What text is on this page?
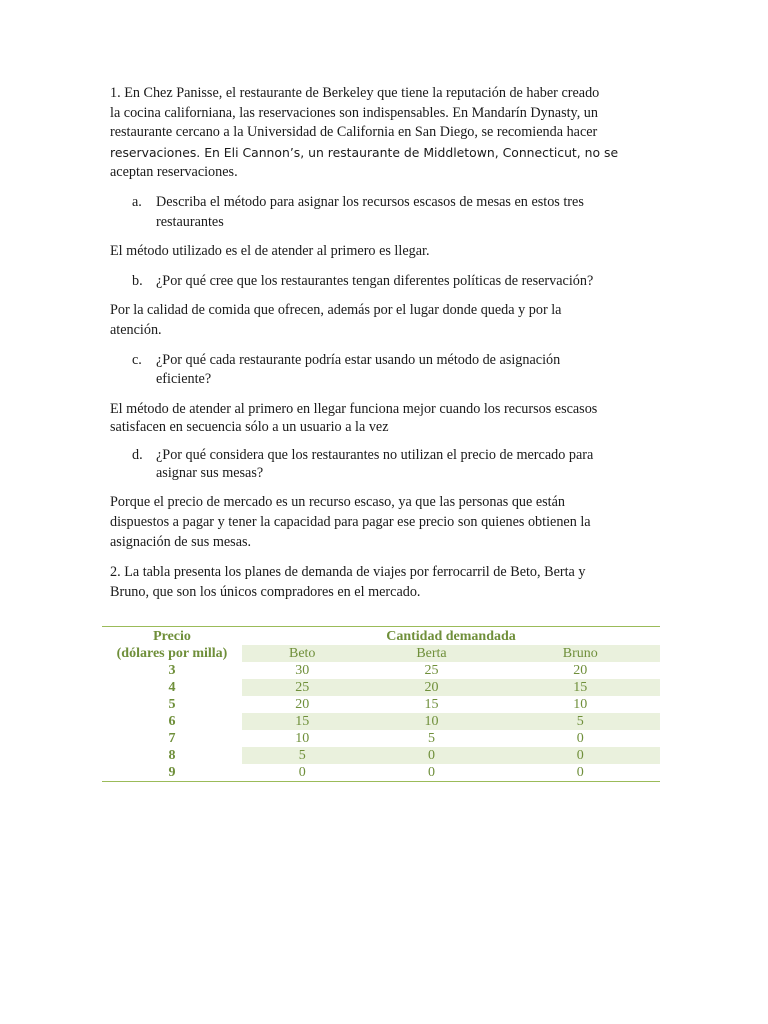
1. En Chez Panisse, el restaurante de Berkeley que tiene la reputación de haber creado
la cocina californiana, las reservaciones son indispensables. En Mandarín Dynasty, un
restaurante cercano a la Universidad de California en San Diego, se recomienda hacer
reservaciones. En Eli Cannon’s, un restaurante de Middletown, Connecticut, no se
aceptan reservaciones.

a. Describa el método para asignar los recursos escasos de mesas en estos tres
restaurantes

El método utilizado es el de atender al primero es llegar.

b. ¿Por qué cree que los restaurantes tengan diferentes políticas de reservación?

Por la calidad de comida que ofrecen, además por el lugar donde queda y por la
atención.

c. ¿Por qué cada restaurante podría estar usando un método de asignación
eficiente?

El método de atender al primero en llegar funciona mejor cuando los recursos escasos
satisfacen en secuencia sólo a un usuario a la vez

d. ¿Por qué considera que los restaurantes no utilizan el precio de mercado para
asignar sus mesas?

Porque el precio de mercado es un recurso escaso, ya que las personas que están
dispuestos a pagar y tener la capacidad para pagar ese precio son quienes obtienen la
asignación de sus mesas.

2. La tabla presenta los planes de demanda de viajes por ferrocarril de Beto, Berta y
Bruno, que son los únicos compradores en el mercado.

Precio	Cantidad demandada		
(dólares por milla)	Beto	Berta	Bruno
3	30	25	20
4	25	20	15
5	20	15	10
6	15	10	5
7	10	5	0
8	5	0	0
9	0	0	0
